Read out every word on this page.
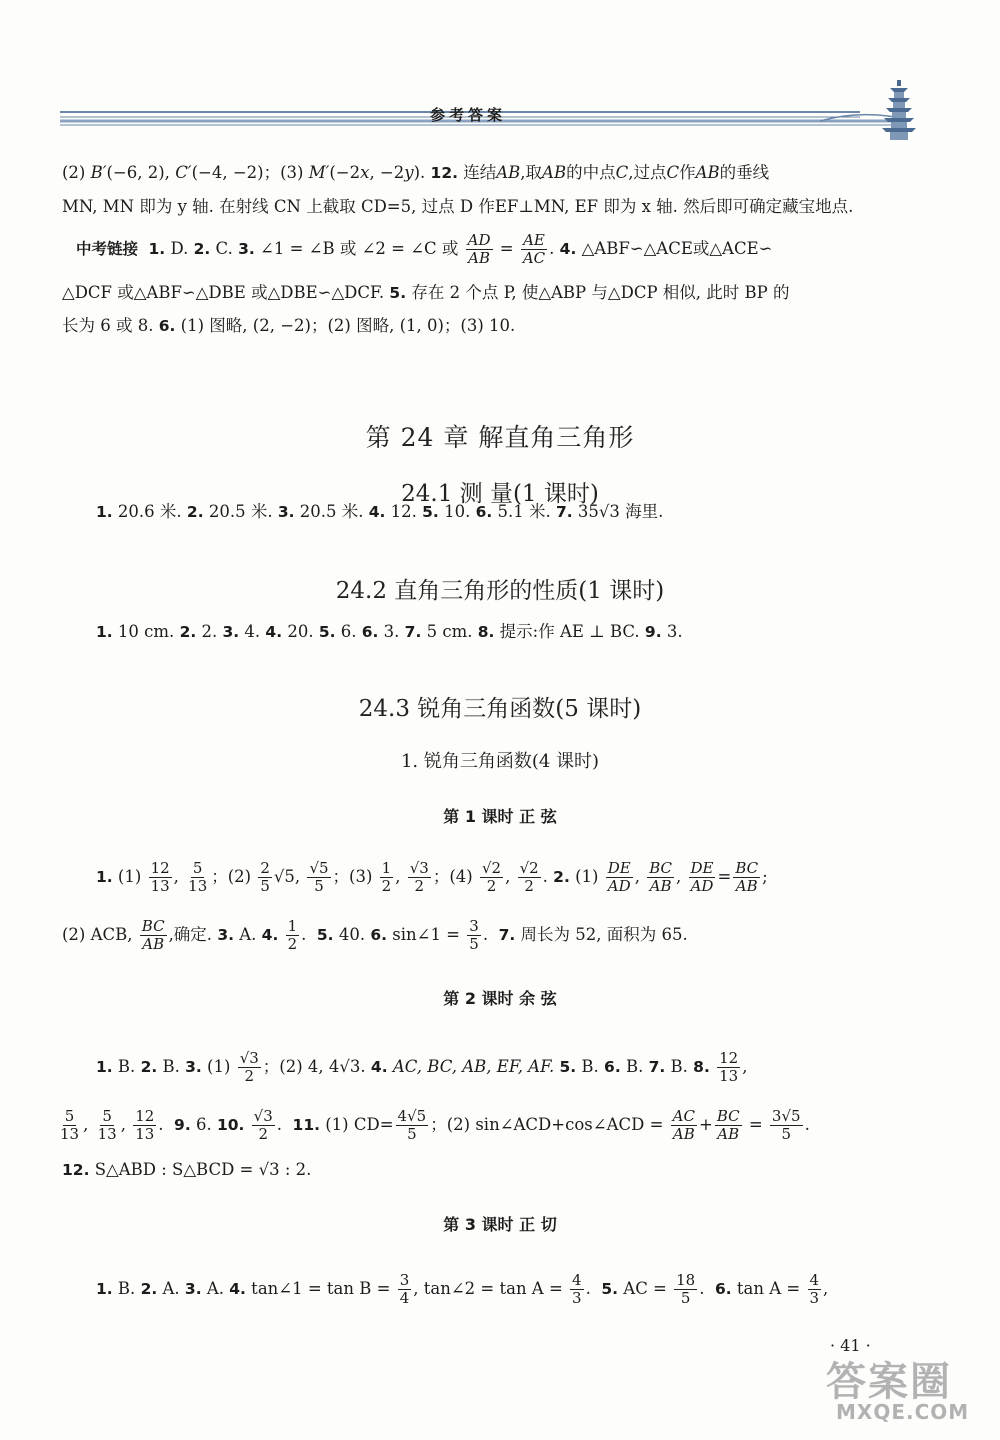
参考答案
(2) B′(−6, 2), C′(−4, −2)；(3) M′(−2x, −2y). 12. 连结AB,取AB的中点C,过点C作AB的垂线
MN, MN 即为 y 轴. 在射线 CN 上截取 CD=5, 过点 D 作EF⊥MN, EF 即为 x 轴. 然后即可确定藏宝地点.
中考链接 1. D. 2. C. 3. ∠1 = ∠B 或 ∠2 = ∠C 或 $\frac{AD}{AB} = \frac{AE}{AC}$ . 4. △ABF∽△ACE或△ACE∽
△DCF 或△ABF∽△DBE 或△DBE∽△DCF. 5. 存在 2 个点 P, 使△ABP 与△DCP 相似, 此时 BP 的
长为 6 或 8. 6. (1) 图略, (2, −2)；(2) 图略, (1, 0)；(3) 10.
第 24 章 解直角三角形
24.1 测 量(1 课时)
1. 20.6 米. 2. 20.5 米. 3. 20.5 米. 4. 12. 5. 10. 6. 5.1 米. 7. 35√3 海里.
24.2 直角三角形的性质(1 课时)
1. 10 cm. 2. 2. 3. 4. 4. 20. 5. 6. 6. 3. 7. 5 cm. 8. 提示:作 AE ⊥ BC. 9. 3.
24.3 锐角三角函数(5 课时)
1. 锐角三角函数(4 课时)
第 1 课时 正 弦
1. $(1) \frac{12}{13}$ , $\frac{5}{13}$ ；$(2) \frac{2}{5} √5$, $\frac{√5}{5}$ ；$(3) \frac{1}{2}$ , $\frac{√3}{2}$ ；$(4) \frac{√2}{2}$ , $\frac{√2}{2}$ . 2. $(1) \frac{DE}{AD}$ , $\frac{BC}{AB}$ , $\frac{DE}{AD} = \frac{BC}{AB}$ ;
(2) ACB, $\frac{BC}{AB}$ ,确定. 3. A. 4. $\frac{1}{2}$ .  5. 40. 6. sin∠1 = $\frac{3}{5}$ .  7. 周长为 52, 面积为 65.
第 2 课时 余 弦
1. B. 2. B. 3. $(1) \frac{√3}{2}$ ；(2) 4, 4√3. 4. AC, BC, AB, EF, AF. 5. B. 6. B. 7. B. 8. $\frac{12}{13}$ ,
$\frac{5}{13}$ , $\frac{5}{13}$ , $\frac{12}{13}$ .  9. 6. 10. $\frac{√3}{2}$ .  11. (1) $CD= \frac{4√5}{5}$ ；(2) sin∠ACD+cos∠ACD = $\frac{AC}{AB} + \frac{BC}{AB} = \frac{3√5}{5}$ .
12. S△ABD : S△BCD = √3 : 2.
第 3 课时 正 切
1. B. 2. A. 3. A. 4. tan∠1 = $\tan B = \frac{3}{4}$ , tan∠2 = $\tan A = \frac{4}{3}$ .  5. AC = $\frac{18}{5}$ .  6. $\tan A = \frac{4}{3}$ ,
· 41 ·
答案圈
MXQE.COM
